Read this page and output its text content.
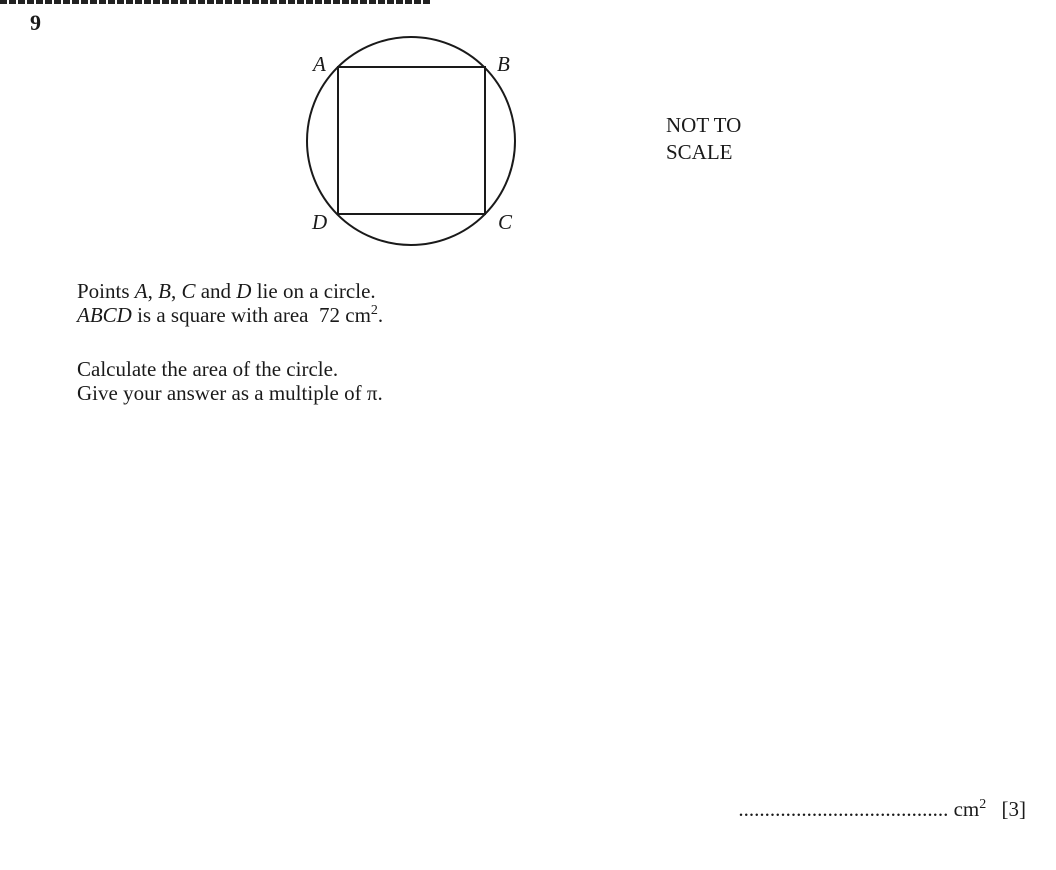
9
A	B
C
D
NOT TO
SCALE
Points A, B, C and D lie on a circle.
ABCD is a square with area  72 $cm^2$.
Calculate the area of the circle.
Give your answer as a multiple of π.
........................................ $cm^2$ [3]
